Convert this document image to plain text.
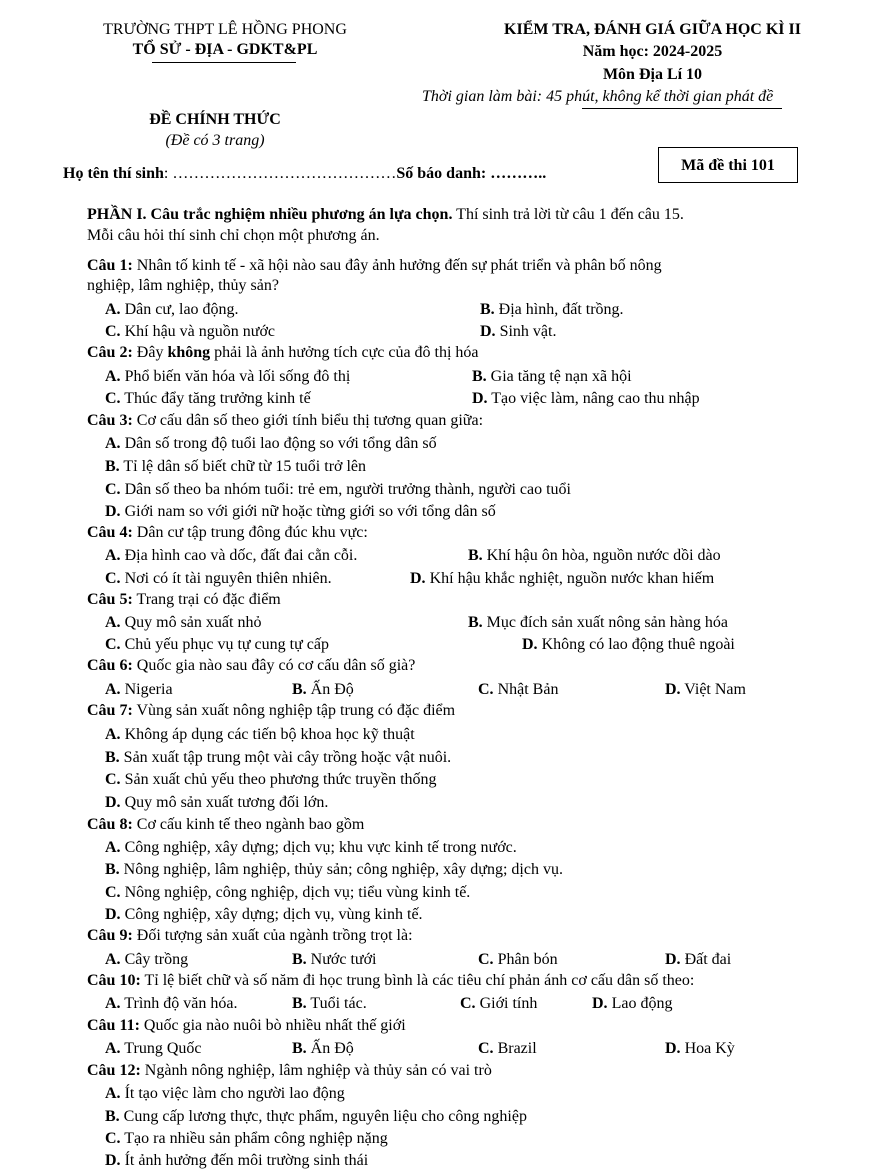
TRƯỜNG THPT LÊ HỒNG PHONG
TỔ SỬ - ĐỊA - GDKT&PL
KIỂM TRA, ĐÁNH GIÁ GIỮA HỌC KÌ II
Năm học: 2024-2025
Môn Địa Lí 10
Thời gian làm bài: 45 phút, không kể thời gian phát đề
ĐỀ CHÍNH THỨC
(Đề có 3 trang)
Họ tên thí sinh: ……………………………………Số báo danh: ………..	Mã đề thi 101
PHẦN I. Câu trắc nghiệm nhiều phương án lựa chọn. Thí sinh trả lời từ câu 1 đến câu 15.
Mỗi câu hỏi thí sinh chỉ chọn một phương án.
Câu 1: Nhân tố kinh tế - xã hội nào sau đây ảnh hưởng đến sự phát triển và phân bố nông
nghiệp, lâm nghiệp, thủy sản?
A. Dân cư, lao động.	B. Địa hình, đất trồng.
C. Khí hậu và nguồn nước	D. Sinh vật.
Câu 2: Đây không phải là ảnh hưởng tích cực của đô thị hóa
A. Phổ biến văn hóa và lối sống đô thị	B. Gia tăng tệ nạn xã hội
C. Thúc đẩy tăng trưởng kinh tế	D. Tạo việc làm, nâng cao thu nhập
Câu 3: Cơ cấu dân số theo giới tính biểu thị tương quan giữa:
A. Dân số trong độ tuổi lao động so với tổng dân số
B. Tỉ lệ dân số biết chữ từ 15 tuổi trở lên
C. Dân số theo ba nhóm tuổi: trẻ em, người trưởng thành, người cao tuổi
D. Giới nam so với giới nữ hoặc từng giới so với tổng dân số
Câu 4: Dân cư tập trung đông đúc khu vực:
A. Địa hình cao và dốc, đất đai cằn cỗi.	B. Khí hậu ôn hòa, nguồn nước dồi dào
C. Nơi có ít tài nguyên thiên nhiên.	D. Khí hậu khắc nghiệt, nguồn nước khan hiếm
Câu 5: Trang trại có đặc điểm
A. Quy mô sản xuất nhỏ	B. Mục đích sản xuất nông sản hàng hóa
C. Chủ yếu phục vụ tự cung tự cấp	D. Không có lao động thuê ngoài
Câu 6: Quốc gia nào sau đây có cơ cấu dân số già?
A. Nigeria	B. Ấn Độ	C. Nhật Bản	D. Việt Nam
Câu 7: Vùng sản xuất nông nghiệp tập trung có đặc điểm
A. Không áp dụng các tiến bộ khoa học kỹ thuật
B. Sản xuất tập trung một vài cây trồng hoặc vật nuôi.
C. Sản xuất chủ yếu theo phương thức truyền thống
D. Quy mô sản xuất tương đối lớn.
Câu 8: Cơ cấu kinh tế theo ngành bao gồm
A. Công nghiệp, xây dựng; dịch vụ; khu vực kinh tế trong nước.
B. Nông nghiệp, lâm nghiệp, thủy sản; công nghiệp, xây dựng; dịch vụ.
C. Nông nghiệp, công nghiệp, dịch vụ; tiểu vùng kinh tế.
D. Công nghiệp, xây dựng; dịch vụ, vùng kinh tế.
Câu 9: Đối tượng sản xuất của ngành trồng trọt là:
A. Cây trồng	B. Nước tưới	C. Phân bón	D. Đất đai
Câu 10: Tỉ lệ biết chữ và số năm đi học trung bình là các tiêu chí phản ánh cơ cấu dân số theo:
A. Trình độ văn hóa.	B. Tuổi tác.	C. Giới tính	D. Lao động
Câu 11: Quốc gia nào nuôi bò nhiều nhất thế giới
A. Trung Quốc	B. Ấn Độ	C. Brazil	D. Hoa Kỳ
Câu 12: Ngành nông nghiệp, lâm nghiệp và thủy sản có vai trò
A. Ít tạo việc làm cho người lao động
B. Cung cấp lương thực, thực phẩm, nguyên liệu cho công nghiệp
C. Tạo ra nhiều sản phẩm công nghiệp nặng
D. Ít ảnh hưởng đến môi trường sinh thái
